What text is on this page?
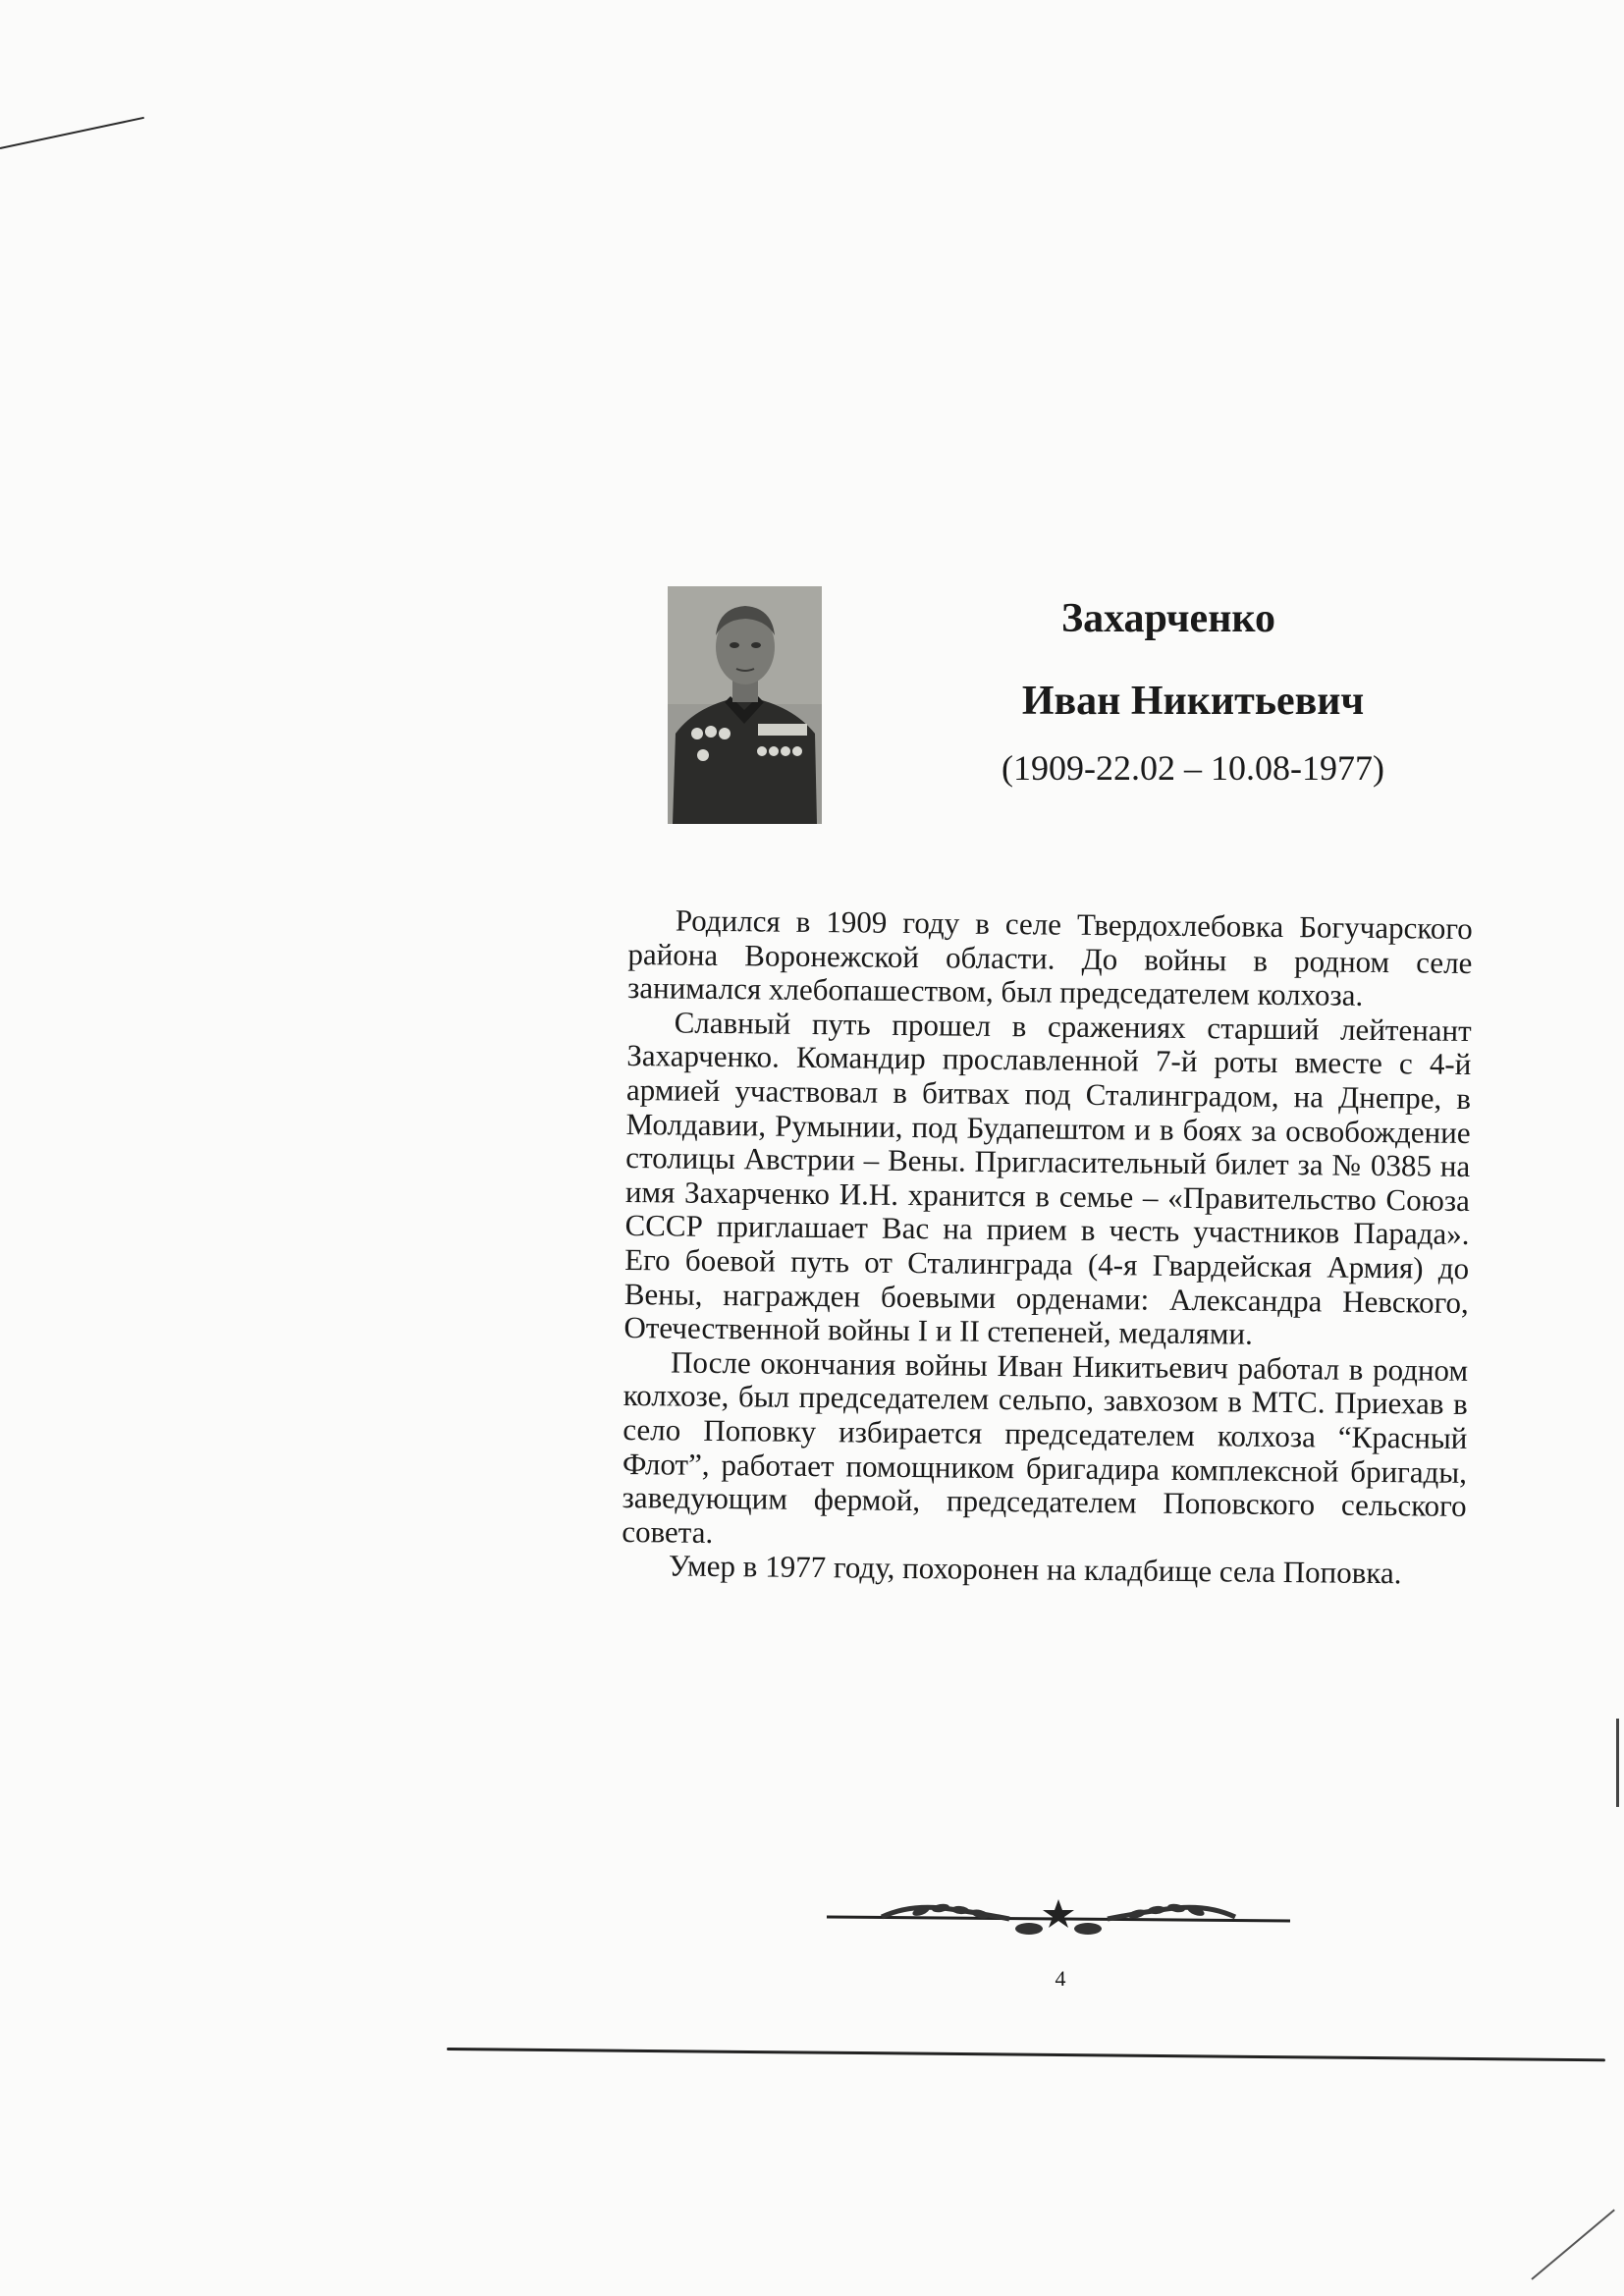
Захарченко
Иван Никитьевич
(1909-22.02 – 10.08-1977)

Родился в 1909 году в селе Твердохлебовка Богучарского района Воронежской области. До войны в родном селе занимался хлебопашеством, был председателем колхоза.

Славный путь прошел в сражениях старший лейтенант Захарченко. Командир прославленной 7-й роты вместе с 4-й армией участвовал в битвах под Сталинградом, на Днепре, в Молдавии, Румынии, под Будапештом и в боях за освобождение столицы Австрии – Вены. Пригласительный билет за № 0385 на имя Захарченко И.Н. хранится в семье – «Правительство Союза СССР приглашает Вас на прием в честь участников Парада». Его боевой путь от Сталинграда (4-я Гвардейская Армия) до Вены, награжден боевыми орденами: Александра Невского, Отечественной войны I и II степеней, медалями.

После окончания войны Иван Никитьевич работал в родном колхозе, был председателем сельпо, завхозом в МТС. Приехав в село Поповку избирается председателем колхоза “Красный Флот”, работает помощником бригадира комплексной бригады, заведующим фермой, председателем Поповского сельского совета.

Умер в 1977 году, похоронен на кладбище села Поповка.

4
